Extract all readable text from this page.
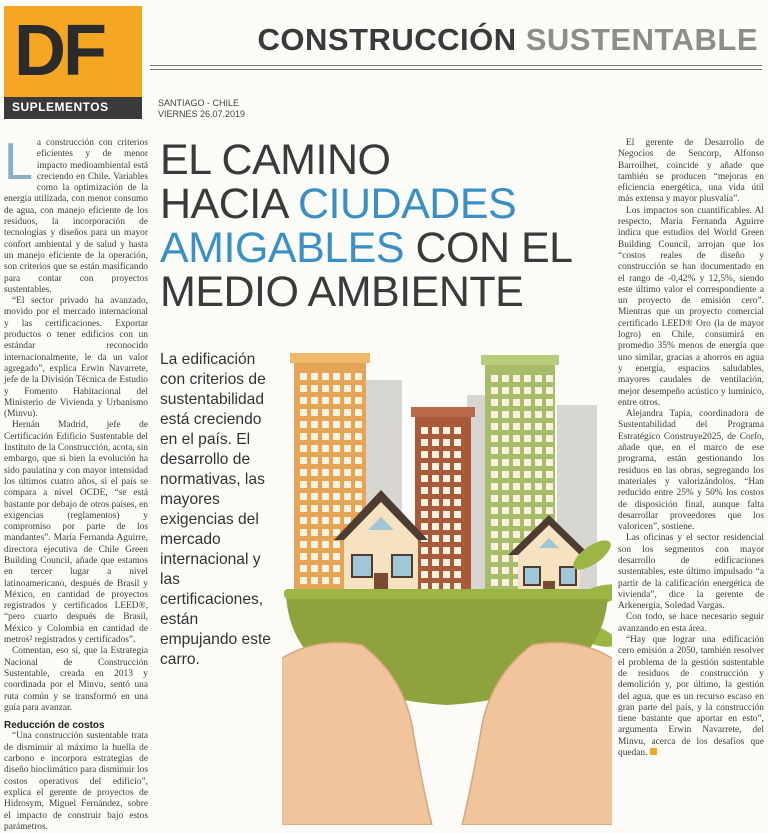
DF
SUPLEMENTOS
CONSTRUCCIÓN SUSTENTABLE
SANTIAGO - CHILE
VIERNES 26.07.2019

La construcción con criterios eficientes y de menor impacto medioambiental está creciendo en Chile. Variables como la optimización de la energía utilizada, con menor consumo de agua, con manejo eficiente de los residuos, la incorporación de tecnologías y diseños para un mayor confort ambiental y de salud y hasta un manejo eficiente de la operación, son criterios que se están masificando para contar con proyectos sustentables.

“El sector privado ha avanzado, movido por el mercado internacional y las certificaciones. Exportar productos o tener edificios con un estándar reconocido internacionalmente, le da un valor agregado”, explica Erwin Navarrete, jefe de la División Técnica de Estudio y Fomento Habitacional del Ministerio de Vivienda y Urbanismo (Minvu).

Hernán Madrid, jefe de Certificación Edificio Sustentable del Instituto de la Construcción, acota, sin embargo, que si bien la evolución ha sido paulatina y con mayor intensidad los últimos cuatro años, si el país se compara a nivel OCDE, “se está bastante por debajo de otros países, en exigencias (reglamentos) y compromiso por parte de los mandantes”. María Fernanda Aguirre, directora ejecutiva de Chile Green Building Council, añade que estamos en tercer lugar a nivel latinoamericano, después de Brasil y México, en cantidad de proyectos registrados y certificados LEED®, “pero cuarto después de Brasil, México y Colombia en cantidad de metros² registrados y certificados”.

Comentan, eso sí, que la Estrategia Nacional de Construcción Sustentable, creada en 2013 y coordinada por el Minvu, sentó una ruta común y se transformó en una guía para avanzar.

Reducción de costos

“Una construcción sustentable trata de disminuir al máximo la huella de carbono e incorpora estrategias de diseño bioclimático para disminuir los costos operativos del edificio”, explica el gerente de proyectos de Hidrosym, Miguel Fernández, sobre el impacto de construir bajo estos parámetros.

EL CAMINO
HACIA CIUDADES
AMIGABLES CON EL
MEDIO AMBIENTE
La edificación con criterios de sustentabilidad está creciendo en el país. El desarrollo de normativas, las mayores exigencias del mercado internacional y las certificaciones, están empujando este carro.

El gerente de Desarrollo de Negocios de Sencorp, Alfonso Barroilhet, coincide y añade que también se producen “mejoras en eficiencia energética, una vida útil más extensa y mayor plusvalía”.

Los impactos son cuantificables. Al respecto, María Fernanda Aguirre indica que estudios del World Green Building Council, arrojan que los “costos reales de diseño y construcción se han documentado en el rango de -0,42% y 12,5%, siendo este último valor el correspondiente a un proyecto de emisión cero”. Mientras que un proyecto comercial certificado LEED® Oro (la de mayor logro) en Chile, consumirá en promedio 35% menos de energía que uno similar, gracias a ahorros en agua y energía, espacios saludables, mayores caudales de ventilación, mejor desempeño acústico y lumínico, entre otros.

Alejandra Tapia, coordinadora de Sustentabilidad del Programa Estratégico Construye2025, de Corfo, añade que, en el marco de ese programa, están gestionando los residuos en las obras, segregando los materiales y valorizándolos. “Han reducido entre 25% y 50% los costos de disposición final, aunque falta desarrollar proveedores que los valoricen”, sostiene.

Las oficinas y el sector residencial son los segmentos con mayor desarrollo de edificaciones sustentables, este último impulsado “a partir de la calificación energética de vivienda”, dice la gerente de Arkenergía, Soledad Vargas.

Con todo, se hace necesario seguir avanzando en esta área.

“Hay que lograr una edificación cero emisión a 2050, también resolver el problema de la gestión sustentable de residuos de construcción y demolición y, por último, la gestión del agua, que es un recurso escaso en gran parte del país, y la construcción tiene bastante que aportar en esto”, argumenta Erwin Navarrete, del Minvu, acerca de los desafíos que quedan.
